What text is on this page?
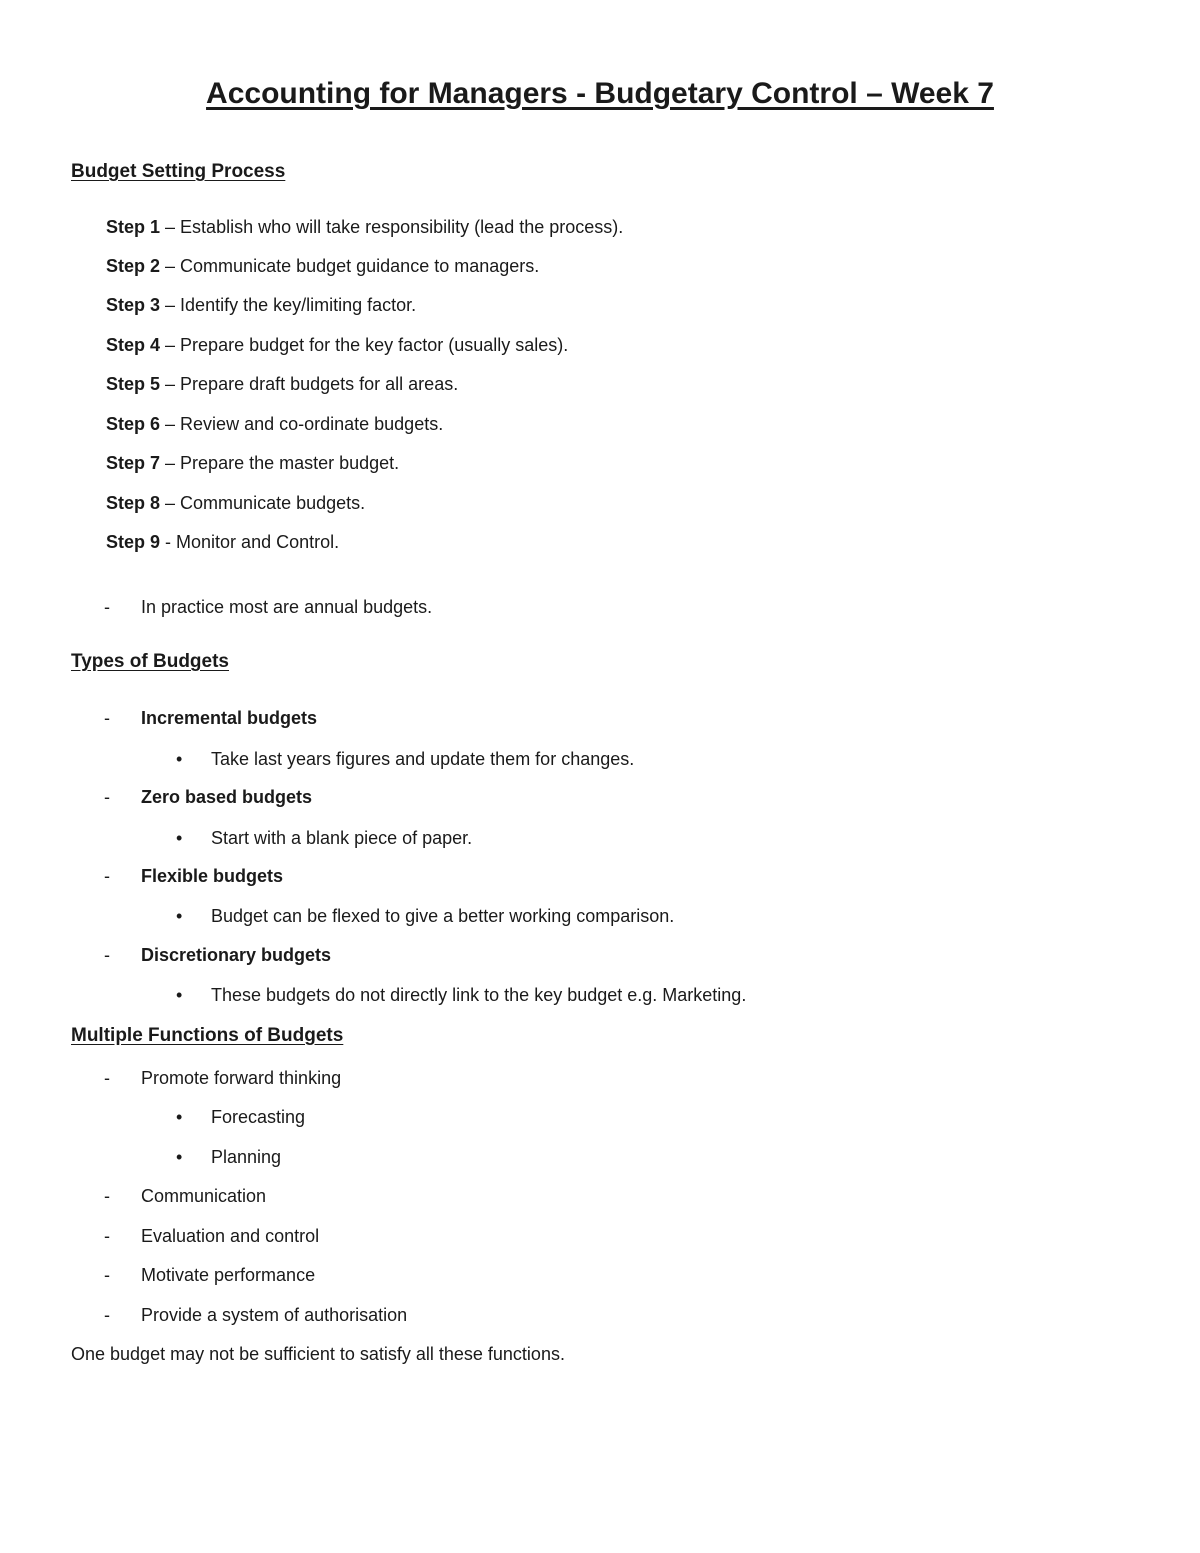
Accounting for Managers - Budgetary Control – Week 7
Budget Setting Process
Step 1 – Establish who will take responsibility (lead the process).
Step 2 – Communicate budget guidance to managers.
Step 3 – Identify the key/limiting factor.
Step 4 – Prepare budget for the key factor (usually sales).
Step 5 – Prepare draft budgets for all areas.
Step 6 – Review and co-ordinate budgets.
Step 7 – Prepare the master budget.
Step 8 – Communicate budgets.
Step 9 - Monitor and Control.
- In practice most are annual budgets.
Types of Budgets
- Incremental budgets
• Take last years figures and update them for changes.
- Zero based budgets
• Start with a blank piece of paper.
- Flexible budgets
• Budget can be flexed to give a better working comparison.
- Discretionary budgets
• These budgets do not directly link to the key budget e.g. Marketing.
Multiple Functions of Budgets
- Promote forward thinking
• Forecasting
• Planning
- Communication
- Evaluation and control
- Motivate performance
- Provide a system of authorisation
One budget may not be sufficient to satisfy all these functions.
